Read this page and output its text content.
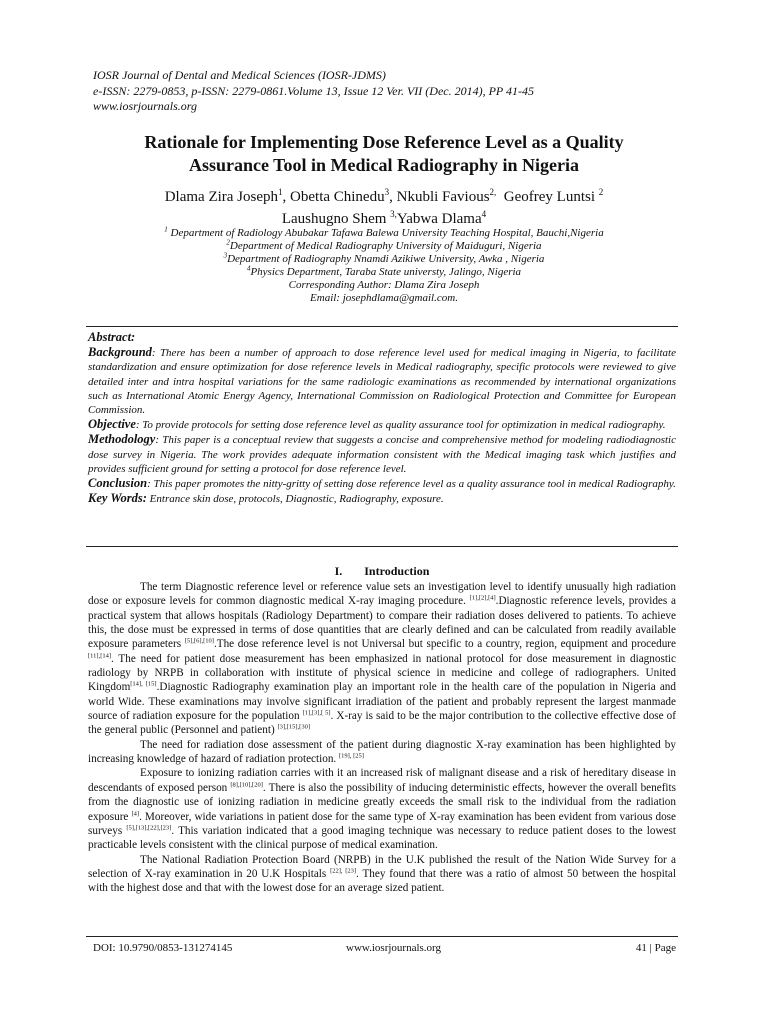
IOSR Journal of Dental and Medical Sciences (IOSR-JDMS)
e-ISSN: 2279-0853, p-ISSN: 2279-0861.Volume 13, Issue 12 Ver. VII (Dec. 2014), PP 41-45
www.iosrjournals.org
Rationale for Implementing Dose Reference Level as a Quality
Assurance Tool in Medical Radiography in Nigeria
Dlama Zira Joseph$^1$, Obetta Chinedu$^3$, Nkubli Favious$^{2,}$ Geofrey Luntsi $^2$
Laushugno Shem $^{3,}$Yabwa Dlama$^4$
$^1$ Department of Radiology Abubakar Tafawa Balewa University Teaching Hospital, Bauchi,Nigeria
$^2$Department of Medical Radiography University of Maiduguri, Nigeria
$^3$Department of Radiography Nnamdi Azikiwe University, Awka , Nigeria
$^4$Physics Department, Taraba State universty, Jalingo, Nigeria
Corresponding Author: Dlama Zira Joseph
Email: josephdlama@gmail.com.

Abstract:

Background: There has been a number of approach to dose reference level used for medical imaging in Nigeria, to facilitate standardization and ensure optimization for dose reference levels in Medical radiography, specific protocols were reviewed to give detailed inter and intra hospital variations for the same radiologic examinations as recommended by international organizations such as International Atomic Energy Agency, International Commission on Radiological Protection and Committee for European Commission.

Objective: To provide protocols for setting dose reference level as quality assurance tool for optimization in medical radiography.

Methodology: This paper is a conceptual review that suggests a concise and comprehensive method for modeling radiodiagnostic dose survey in Nigeria. The work provides adequate information consistent with the Medical imaging task which justifies and provides sufficient ground for setting a protocol for dose reference level.

Conclusion: This paper promotes the nitty-gritty of setting dose reference level as a quality assurance tool in medical Radiography.

Key Words: Entrance skin dose, protocols, Diagnostic, Radiography, exposure.

I. Introduction

The term Diagnostic reference level or reference value sets an investigation level to identify unusually high radiation dose or exposure levels for common diagnostic medical X-ray imaging procedure. [1],[2],[4].Diagnostic reference levels, provides a practical system that allows hospitals (Radiology Department) to compare their radiation doses delivered to patients. To achieve this, the dose must be expressed in terms of dose quantities that are clearly defined and can be calculated from readily available exposure parameters [5],[6],[10].The dose reference level is not Universal but specific to a country, region, equipment and procedure [11],[14]. The need for patient dose measurement has been emphasized in national protocol for dose measurement in diagnostic radiology by NRPB in collaboration with institute of physical science in medicine and college of radiographers. United Kingdom[14], [15].Diagnostic Radiography examination play an important role in the health care of the population in Nigeria and world Wide. These examinations may involve significant irradiation of the patient and probably represent the largest manmade source of radiation exposure for the population [1],[3],[ 5]. X-ray is said to be the major contribution to the collective effective dose of the general public (Personnel and patient) [3],[15],[30]

The need for radiation dose assessment of the patient during diagnostic X-ray examination has been highlighted by increasing knowledge of hazard of radiation protection. [19], [25]

Exposure to ionizing radiation carries with it an increased risk of malignant disease and a risk of hereditary disease in descendants of exposed person [8],[10],[20]. There is also the possibility of inducing deterministic effects, however the overall benefits from the diagnostic use of ionizing radiation in medicine greatly exceeds the small risk to the individual from the radiation exposure [4]. Moreover, wide variations in patient dose for the same type of X-ray examination has been evident from various dose surveys [5],[13],[22],[23]. This variation indicated that a good imaging technique was necessary to reduce patient doses to the lowest practicable levels consistent with the clinical purpose of medical examination.

The National Radiation Protection Board (NRPB) in the U.K published the result of the Nation Wide Survey for a selection of X-ray examination in 20 U.K Hospitals [22], [23]. They found that there was a ratio of almost 50 between the hospital with the highest dose and that with the lowest dose for an average sized patient.

DOI: 10.9790/0853-131274145	www.iosrjournals.org	41 | Page
